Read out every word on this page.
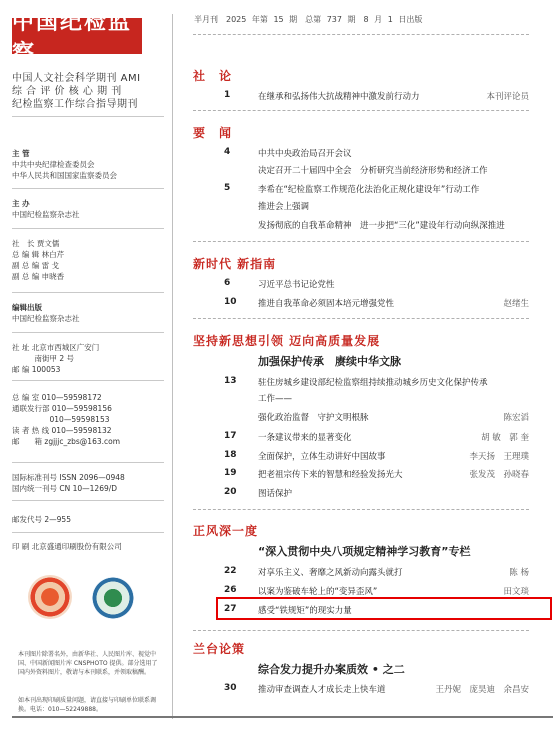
中国纪检监察
中国人文社会科学期刊 AMI
综 合 评 价 核 心 期 刊
纪检监察工作综合指导期刊
主 管
中共中央纪律检查委员会
中华人民共和国国家监察委员会
主 办
中国纪检监察杂志社
社　长 贾文儒
总 编 辑 林白芹
副 总 编 雷 戈
副 总 编 申晓香
编辑出版
中国纪检监察杂志社
社 址 北京市西城区广安门
　　　南街甲 2 号
邮 编 100053
总 编 室 010—59598172
通联发行部 010—59598156
　　　　　010—59598153
读 者 热 线 010—59598132
邮　　箱 zgjjjc_zbs@163.com
国际标准刊号 ISSN 2096—0948
国内统一刊号 CN 10—1269/D
邮发代号 2—955
印 刷 北京盛通印刷股份有限公司
本刊图片除署名外，由新华社、人民图片库、视觉中国、中国新闻图片库 CNSPHOTO 提供。部分选用了国内外资料图片，敬请与本刊联系，并领取稿酬。
如本刊出现印刷质量问题，请直接与印刷单位联系调换。电话：010—52249888。
半月刊　2025 年第 15 期　总第 737 期　8 月 1 日出版
社　论
1	在继承和弘扬伟大抗战精神中激发前行动力	本刊评论员
要　闻
4	中共中央政治局召开会议
决定召开二十届四中全会　分析研究当前经济形势和经济工作
5	李希在“纪检监察工作规范化法治化正规化建设年”行动工作
推进会上强调
发扬彻底的自我革命精神　进一步把“三化”建设年行动向纵深推进
新时代 新指南
6	习近平总书记论党性
10	推进自我革命必须固本培元增强党性	赵绪生
坚持新思想引领 迈向高质量发展
加强保护传承　赓续中华文脉
13	驻住房城乡建设部纪检监察组持续推动城乡历史文化保护传承
工作——
强化政治监督　守护文明根脉	陈宏滔
17	一条建议带来的显著变化	胡 敏　郭 奎
18	全面保护，立体生动讲好中国故事	李天扬　王理璞
19	把老祖宗传下来的智慧和经验发扬光大	张发茂　孙晓春
20	图话保护
正风深一度
“深入贯彻中央八项规定精神学习教育”专栏
22	对享乐主义、奢靡之风新动向露头就打	陈 杨
26	以案为鉴破车轮上的“变异歪风”	田文琰
27	感受“铁规矩”的现实力量
兰台论策
综合发力提升办案质效 • 之二
30	推动审查调查人才成长走上快车道	王丹妮　庞昊迪　余昌安
